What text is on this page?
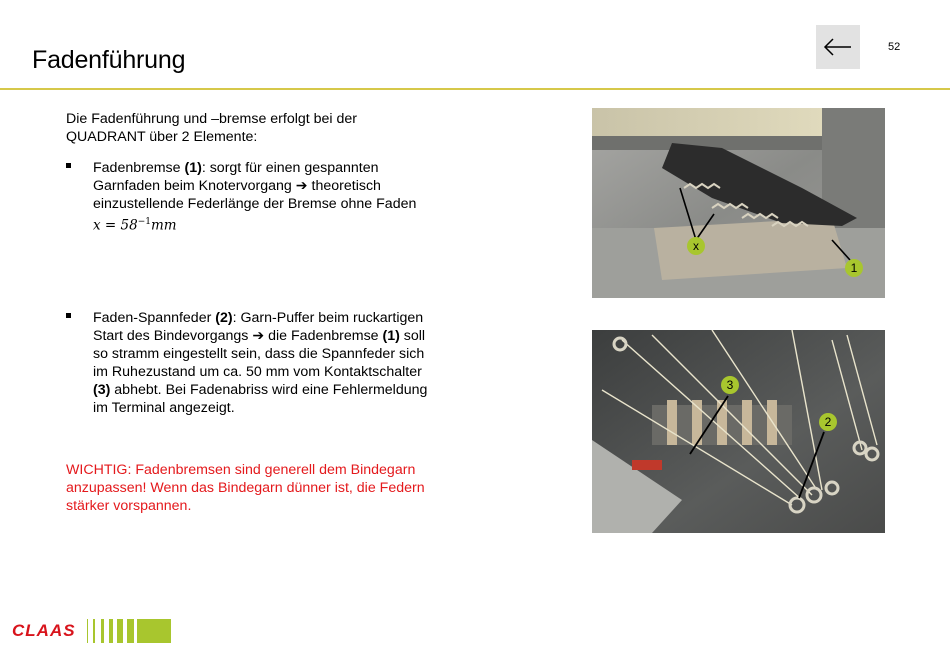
Fadenführung	52
Die Fadenführung und –bremse erfolgt bei der
QUADRANT über 2 Elemente:
Fadenbremse (1): sorgt für einen gespannten
Garnfaden beim Knotervorgang ➔ theoretisch
einzustellende Federlänge der Bremse ohne Faden
$x = 58^{-1}mm$
Faden-Spannfeder (2): Garn-Puffer beim ruckartigen
Start des Bindevorgangs ➔ die Fadenbremse (1) soll
so stramm eingestellt sein, dass die Spannfeder sich
im Ruhezustand um ca. 50 mm vom Kontaktschalter
(3) abhebt. Bei Fadenabriss wird eine Fehlermeldung
im Terminal angezeigt.
WICHTIG: Fadenbremsen sind generell dem Bindegarn
anzupassen! Wenn das Bindegarn dünner ist, die Federn
stärker vorspannen.
x
1
3
2
CLAAS
